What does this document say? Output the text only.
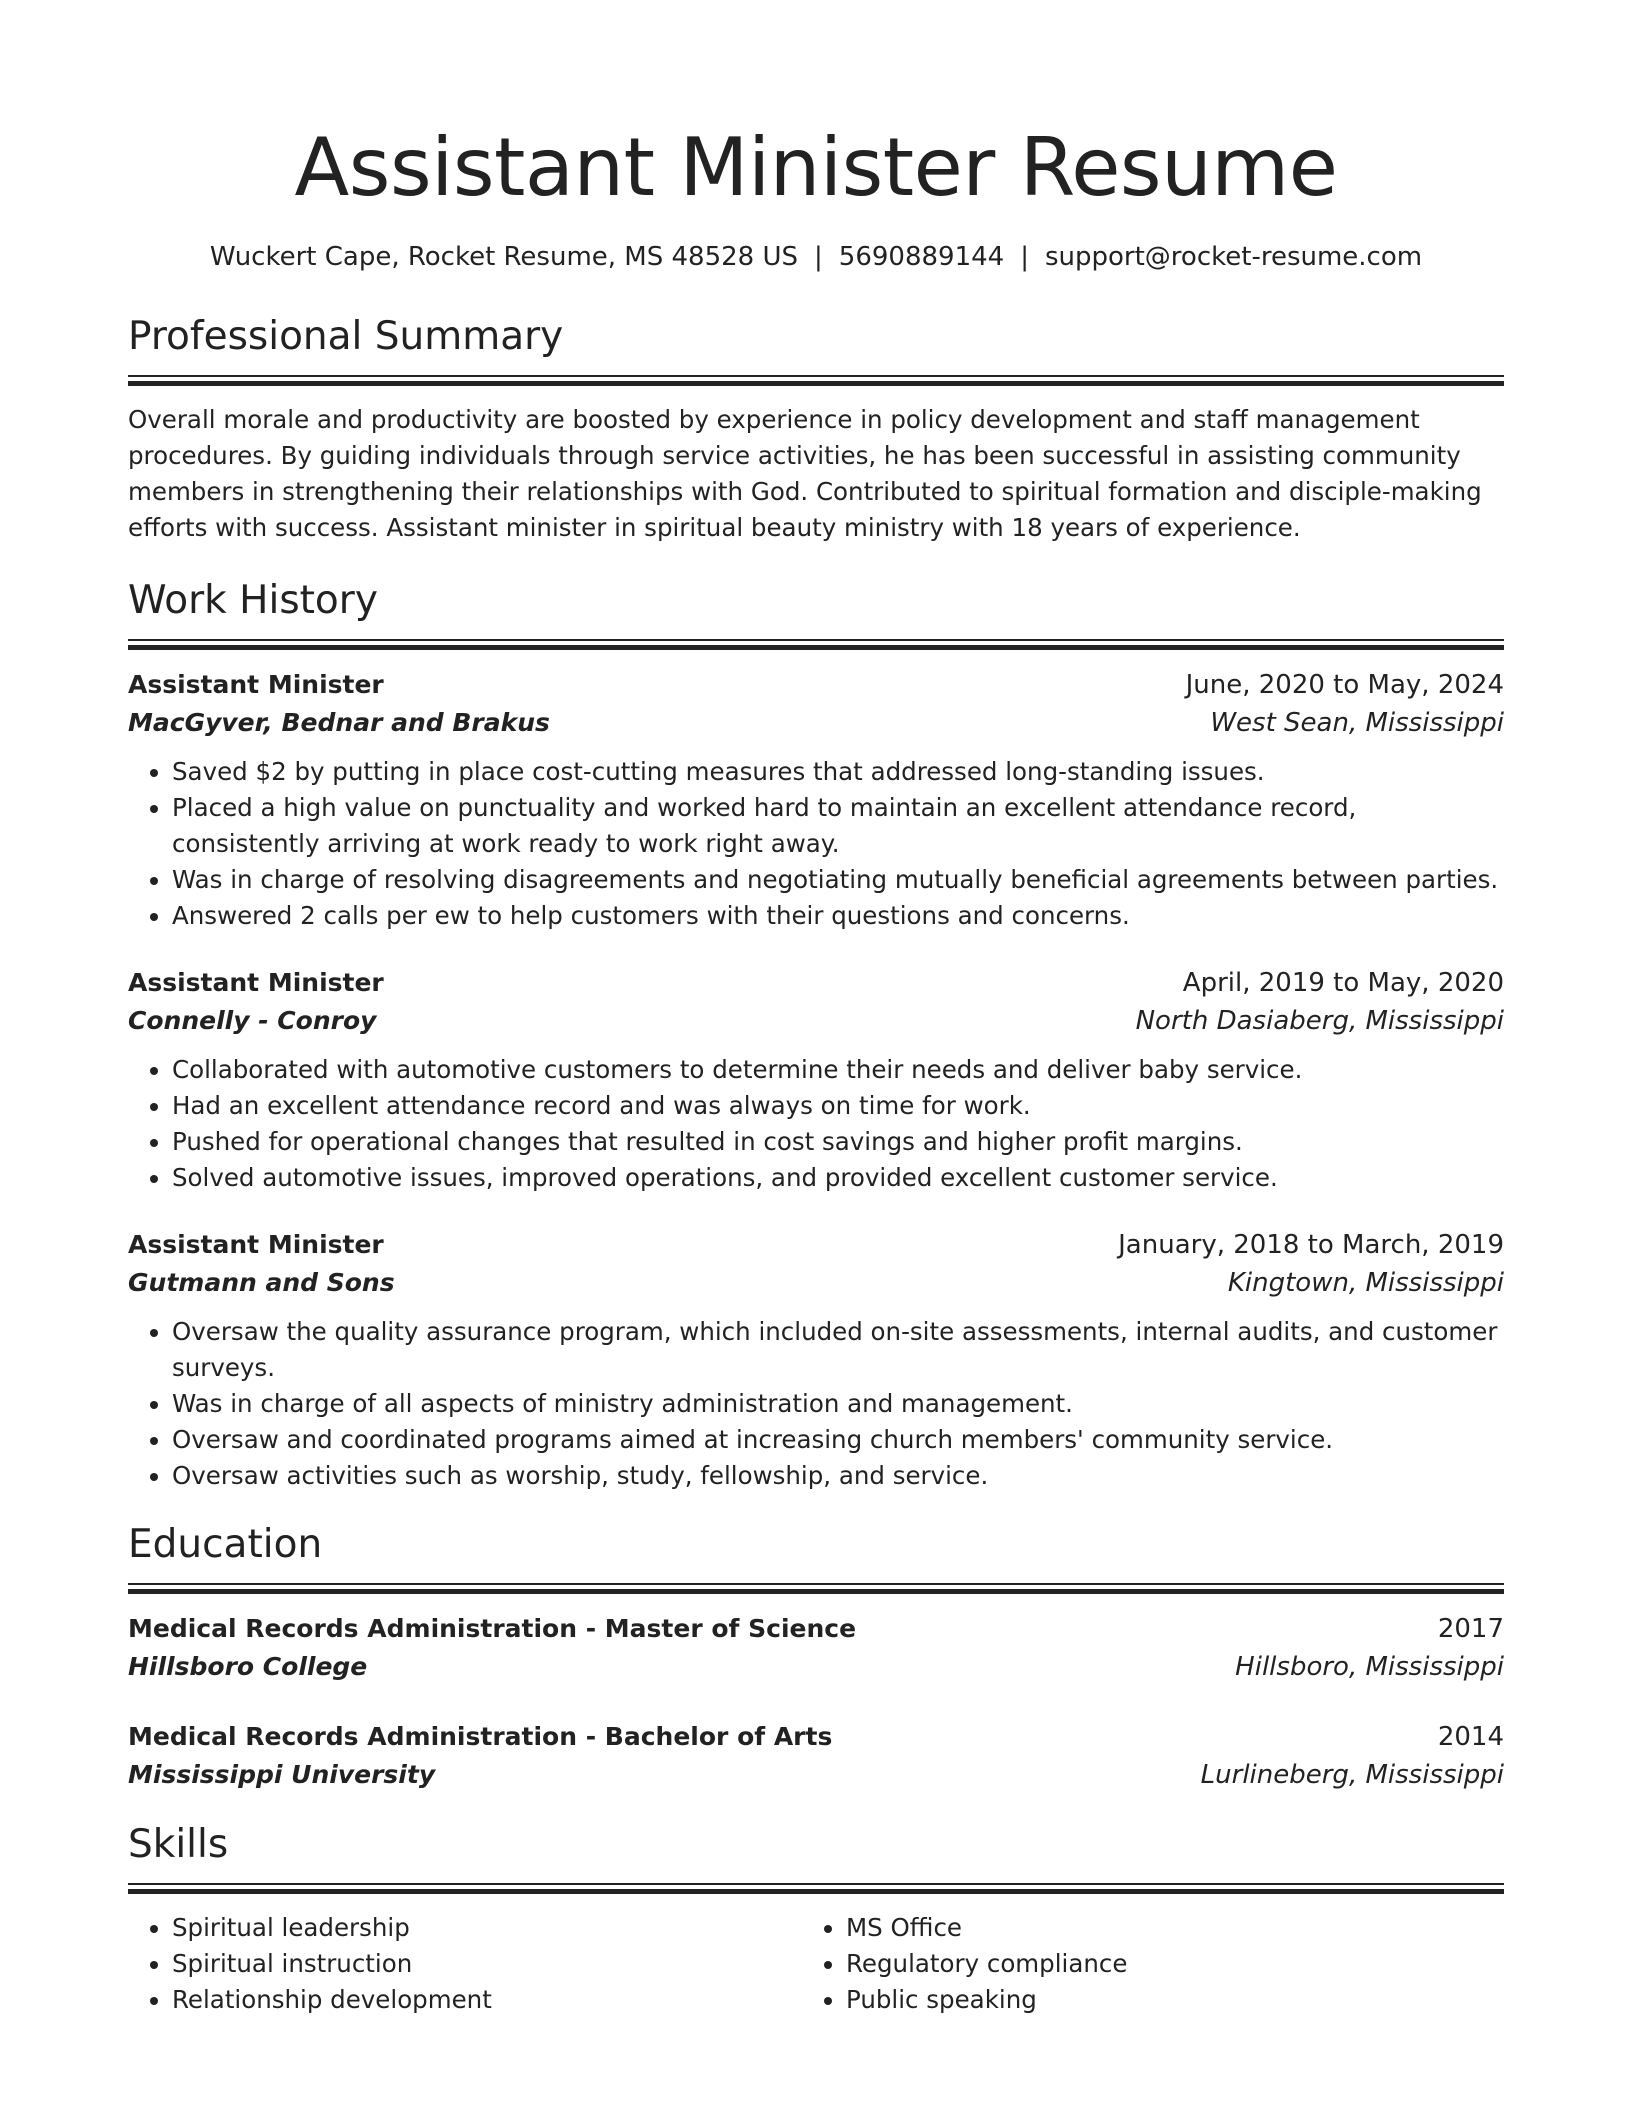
Assistant Minister Resume
Wuckert Cape, Rocket Resume, MS 48528 US | 5690889144 | support@rocket-resume.com
Professional Summary

Overall morale and productivity are boosted by experience in policy development and staff management procedures. By guiding individuals through service activities, he has been successful in assisting community members in strengthening their relationships with God. Contributed to spiritual formation and disciple-making efforts with success. Assistant minister in spiritual beauty ministry with 18 years of experience.

Work History
Assistant Minister	June, 2020 to May, 2024
MacGyver, Bednar and Brakus	West Sean, Mississippi
• Saved $2 by putting in place cost-cutting measures that addressed long-standing issues.
• Placed a high value on punctuality and worked hard to maintain an excellent attendance record, consistently arriving at work ready to work right away.
• Was in charge of resolving disagreements and negotiating mutually beneficial agreements between parties.
• Answered 2 calls per ew to help customers with their questions and concerns.
Assistant Minister	April, 2019 to May, 2020
Connelly - Conroy	North Dasiaberg, Mississippi
• Collaborated with automotive customers to determine their needs and deliver baby service.
• Had an excellent attendance record and was always on time for work.
• Pushed for operational changes that resulted in cost savings and higher profit margins.
• Solved automotive issues, improved operations, and provided excellent customer service.
Assistant Minister	January, 2018 to March, 2019
Gutmann and Sons	Kingtown, Mississippi
• Oversaw the quality assurance program, which included on-site assessments, internal audits, and customer surveys.
• Was in charge of all aspects of ministry administration and management.
• Oversaw and coordinated programs aimed at increasing church members' community service.
• Oversaw activities such as worship, study, fellowship, and service.
Education
Medical Records Administration - Master of Science	2017
Hillsboro College	Hillsboro, Mississippi
Medical Records Administration - Bachelor of Arts	2014
Mississippi University	Lurlineberg, Mississippi
Skills
• Spiritual leadership
• Spiritual instruction
• Relationship development
• MS Office
• Regulatory compliance
• Public speaking
